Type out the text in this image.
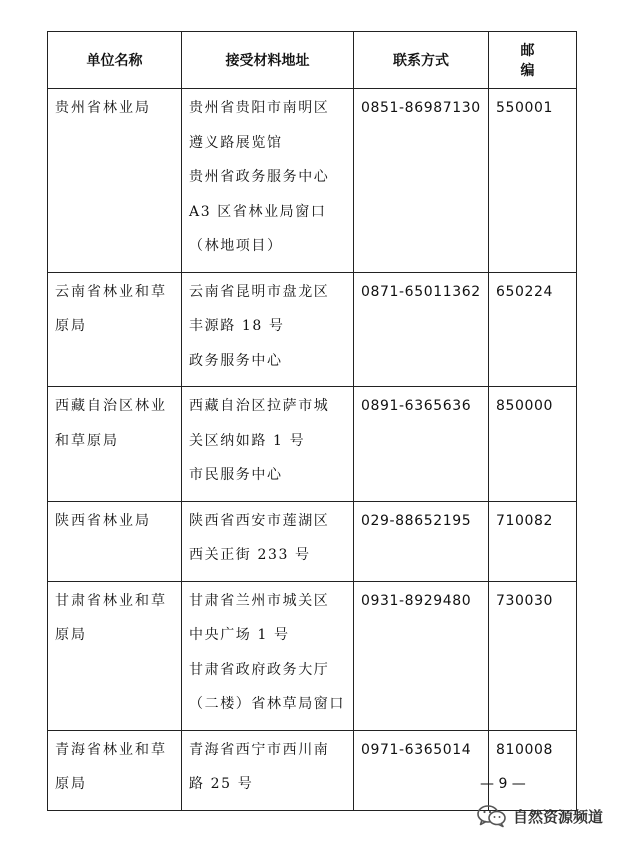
单位名称	接受材料地址	联系方式	邮 编

贵州省林业局	贵州省贵阳市南明区
遵义路展览馆
贵州省政务服务中心
A3 区省林业局窗口
（林地项目）	0851-86987130	550001

云南省林业和草原局	云南省昆明市盘龙区
丰源路 18 号
政务服务中心	0871-65011362	650224

西藏自治区林业和草原局	西藏自治区拉萨市城
关区纳如路 1 号
市民服务中心	0891-6365636	850000

陕西省林业局	陕西省西安市莲湖区
西关正街 233 号	029-88652195	710082

甘肃省林业和草原局	甘肃省兰州市城关区
中央广场 1 号
甘肃省政府政务大厅
（二楼）省林草局窗口	0931-8929480	730030

青海省林业和草原局	青海省西宁市西川南
路 25 号	0971-6365014	810008
— 9 —
自然资源频道
